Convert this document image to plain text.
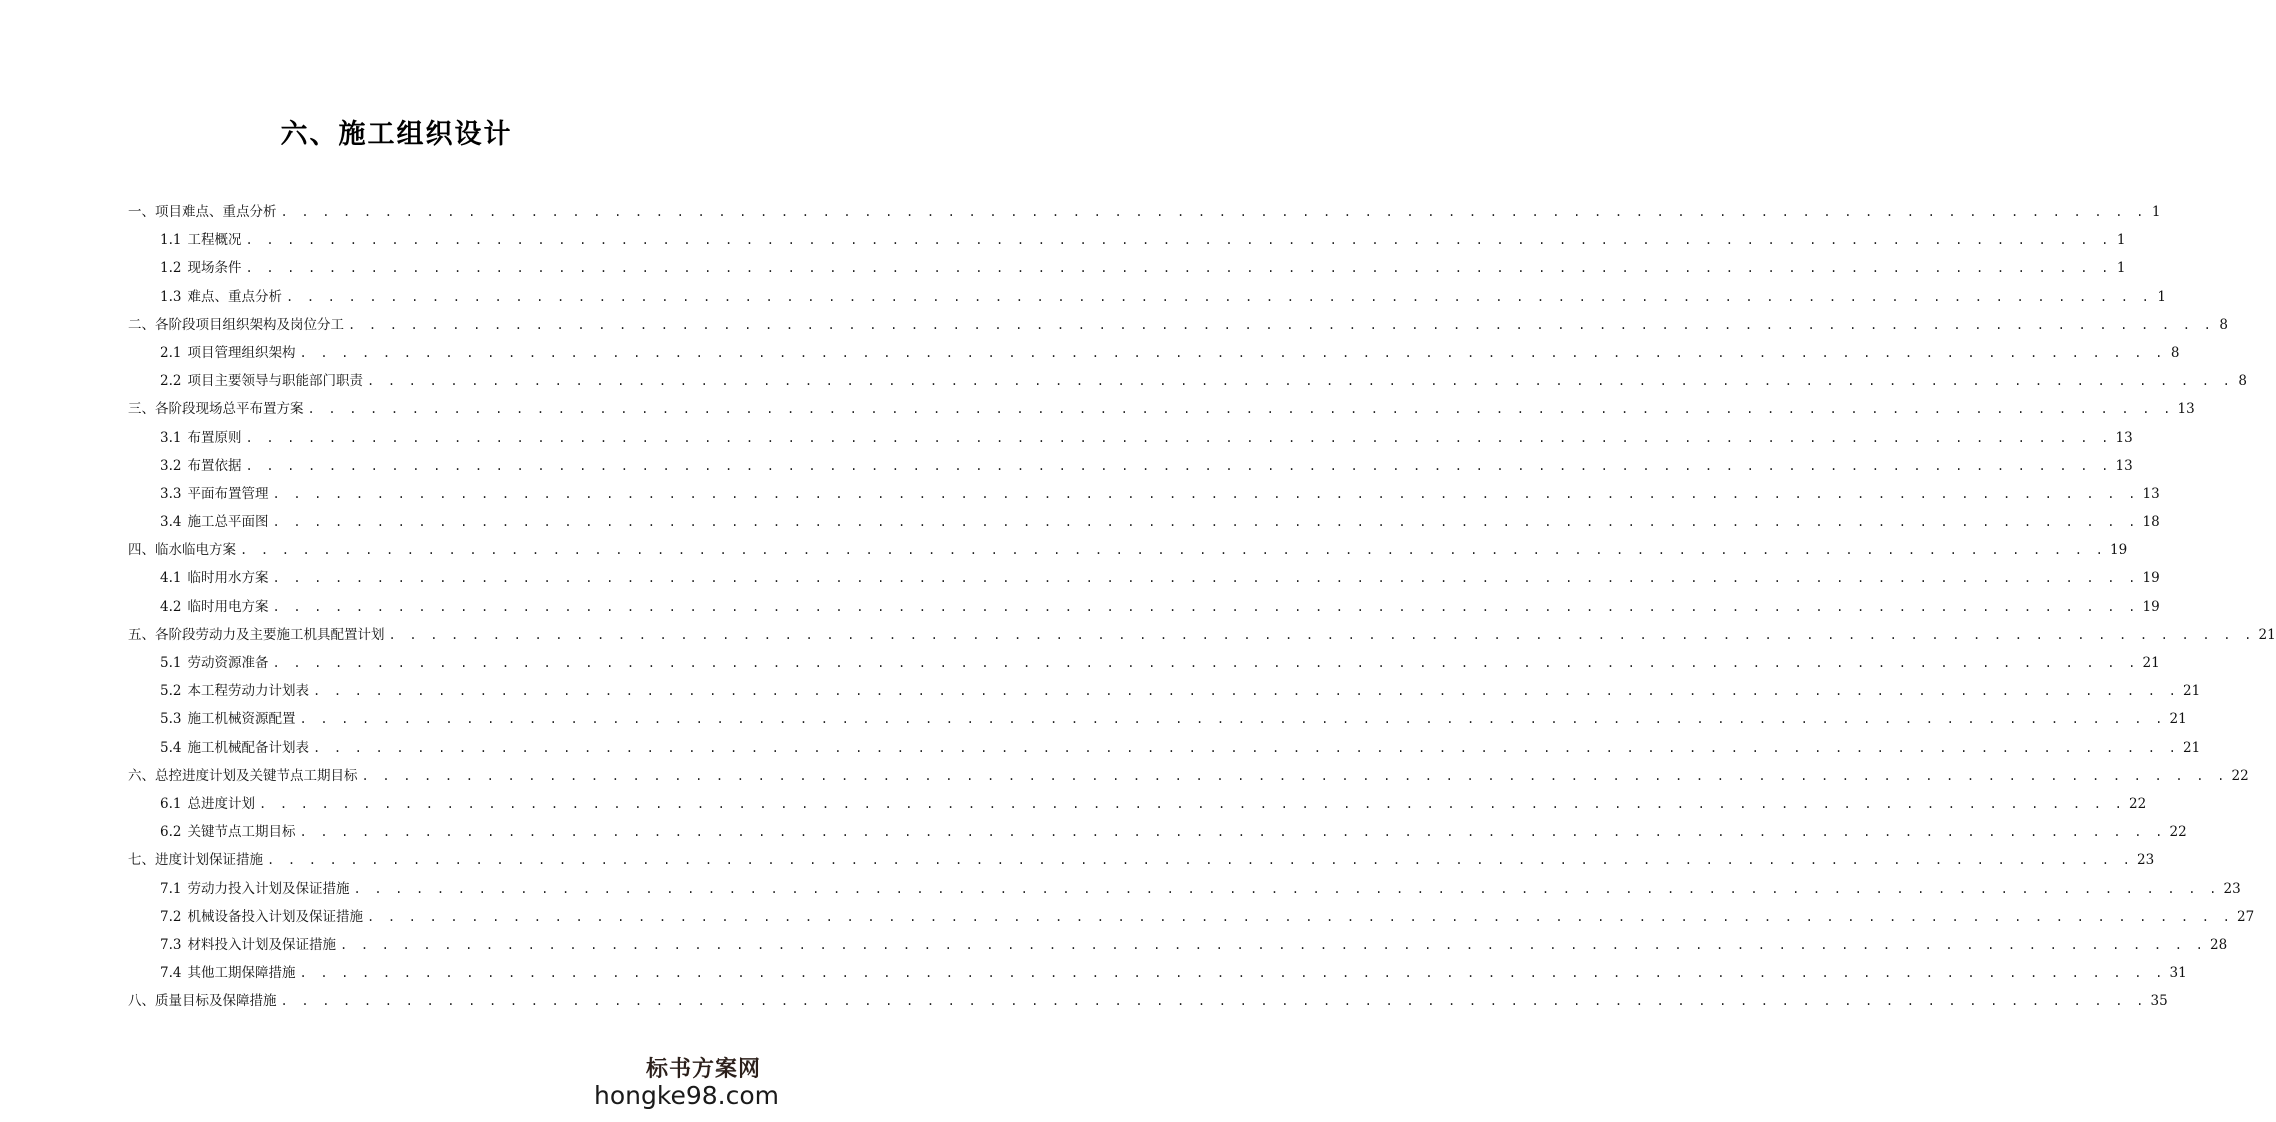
六、施工组织设计
一、项目难点、重点分析 . . . . . . . . . . . . . . . . . . . . . . . . . . . . . . . . . . . . . . . . . . . . . . . . . . . . . . . . . . . . . . . . . . . . . . . . . . . . . . . . . . . . . . . . . . 1
1.1 工程概况 . . . . . . . . . . . . . . . . . . . . . . . . . . . . . . . . . . . . . . . . . . . . . . . . . . . . . . . . . . . . . . . . . . . . . . . . . . . . . . . . . . . . . . . . . . 1
1.2 现场条件 . . . . . . . . . . . . . . . . . . . . . . . . . . . . . . . . . . . . . . . . . . . . . . . . . . . . . . . . . . . . . . . . . . . . . . . . . . . . . . . . . . . . . . . . . . 1
1.3 难点、重点分析 . . . . . . . . . . . . . . . . . . . . . . . . . . . . . . . . . . . . . . . . . . . . . . . . . . . . . . . . . . . . . . . . . . . . . . . . . . . . . . . . . . . . . . . . . . 1
二、各阶段项目组织架构及岗位分工 . . . . . . . . . . . . . . . . . . . . . . . . . . . . . . . . . . . . . . . . . . . . . . . . . . . . . . . . . . . . . . . . . . . . . . . . . . . . . . . . . . . . . . . . . . 8
2.1 项目管理组织架构 . . . . . . . . . . . . . . . . . . . . . . . . . . . . . . . . . . . . . . . . . . . . . . . . . . . . . . . . . . . . . . . . . . . . . . . . . . . . . . . . . . . . . . . . . . 8
2.2 项目主要领导与职能部门职责 . . . . . . . . . . . . . . . . . . . . . . . . . . . . . . . . . . . . . . . . . . . . . . . . . . . . . . . . . . . . . . . . . . . . . . . . . . . . . . . . . . . . . . . . . . 8
三、各阶段现场总平布置方案 . . . . . . . . . . . . . . . . . . . . . . . . . . . . . . . . . . . . . . . . . . . . . . . . . . . . . . . . . . . . . . . . . . . . . . . . . . . . . . . . . . . . . . . . . . 13
3.1 布置原则 . . . . . . . . . . . . . . . . . . . . . . . . . . . . . . . . . . . . . . . . . . . . . . . . . . . . . . . . . . . . . . . . . . . . . . . . . . . . . . . . . . . . . . . . . . 13
3.2 布置依据 . . . . . . . . . . . . . . . . . . . . . . . . . . . . . . . . . . . . . . . . . . . . . . . . . . . . . . . . . . . . . . . . . . . . . . . . . . . . . . . . . . . . . . . . . . 13
3.3 平面布置管理 . . . . . . . . . . . . . . . . . . . . . . . . . . . . . . . . . . . . . . . . . . . . . . . . . . . . . . . . . . . . . . . . . . . . . . . . . . . . . . . . . . . . . . . . . . 13
3.4 施工总平面图 . . . . . . . . . . . . . . . . . . . . . . . . . . . . . . . . . . . . . . . . . . . . . . . . . . . . . . . . . . . . . . . . . . . . . . . . . . . . . . . . . . . . . . . . . . 18
四、临水临电方案 . . . . . . . . . . . . . . . . . . . . . . . . . . . . . . . . . . . . . . . . . . . . . . . . . . . . . . . . . . . . . . . . . . . . . . . . . . . . . . . . . . . . . . . . . . 19
4.1 临时用水方案 . . . . . . . . . . . . . . . . . . . . . . . . . . . . . . . . . . . . . . . . . . . . . . . . . . . . . . . . . . . . . . . . . . . . . . . . . . . . . . . . . . . . . . . . . . 19
4.2 临时用电方案 . . . . . . . . . . . . . . . . . . . . . . . . . . . . . . . . . . . . . . . . . . . . . . . . . . . . . . . . . . . . . . . . . . . . . . . . . . . . . . . . . . . . . . . . . . 19
五、各阶段劳动力及主要施工机具配置计划 . . . . . . . . . . . . . . . . . . . . . . . . . . . . . . . . . . . . . . . . . . . . . . . . . . . . . . . . . . . . . . . . . . . . . . . . . . . . . . . . . . . . . . . . . . 21
5.1 劳动资源准备 . . . . . . . . . . . . . . . . . . . . . . . . . . . . . . . . . . . . . . . . . . . . . . . . . . . . . . . . . . . . . . . . . . . . . . . . . . . . . . . . . . . . . . . . . . 21
5.2 本工程劳动力计划表 . . . . . . . . . . . . . . . . . . . . . . . . . . . . . . . . . . . . . . . . . . . . . . . . . . . . . . . . . . . . . . . . . . . . . . . . . . . . . . . . . . . . . . . . . . 21
5.3 施工机械资源配置 . . . . . . . . . . . . . . . . . . . . . . . . . . . . . . . . . . . . . . . . . . . . . . . . . . . . . . . . . . . . . . . . . . . . . . . . . . . . . . . . . . . . . . . . . . 21
5.4 施工机械配备计划表 . . . . . . . . . . . . . . . . . . . . . . . . . . . . . . . . . . . . . . . . . . . . . . . . . . . . . . . . . . . . . . . . . . . . . . . . . . . . . . . . . . . . . . . . . . 21
六、总控进度计划及关键节点工期目标 . . . . . . . . . . . . . . . . . . . . . . . . . . . . . . . . . . . . . . . . . . . . . . . . . . . . . . . . . . . . . . . . . . . . . . . . . . . . . . . . . . . . . . . . . . 22
6.1 总进度计划 . . . . . . . . . . . . . . . . . . . . . . . . . . . . . . . . . . . . . . . . . . . . . . . . . . . . . . . . . . . . . . . . . . . . . . . . . . . . . . . . . . . . . . . . . . 22
6.2 关键节点工期目标 . . . . . . . . . . . . . . . . . . . . . . . . . . . . . . . . . . . . . . . . . . . . . . . . . . . . . . . . . . . . . . . . . . . . . . . . . . . . . . . . . . . . . . . . . . 22
七、进度计划保证措施 . . . . . . . . . . . . . . . . . . . . . . . . . . . . . . . . . . . . . . . . . . . . . . . . . . . . . . . . . . . . . . . . . . . . . . . . . . . . . . . . . . . . . . . . . . 23
7.1 劳动力投入计划及保证措施 . . . . . . . . . . . . . . . . . . . . . . . . . . . . . . . . . . . . . . . . . . . . . . . . . . . . . . . . . . . . . . . . . . . . . . . . . . . . . . . . . . . . . . . . . . 23
7.2 机械设备投入计划及保证措施 . . . . . . . . . . . . . . . . . . . . . . . . . . . . . . . . . . . . . . . . . . . . . . . . . . . . . . . . . . . . . . . . . . . . . . . . . . . . . . . . . . . . . . . . . . 27
7.3 材料投入计划及保证措施 . . . . . . . . . . . . . . . . . . . . . . . . . . . . . . . . . . . . . . . . . . . . . . . . . . . . . . . . . . . . . . . . . . . . . . . . . . . . . . . . . . . . . . . . . . 28
7.4 其他工期保障措施 . . . . . . . . . . . . . . . . . . . . . . . . . . . . . . . . . . . . . . . . . . . . . . . . . . . . . . . . . . . . . . . . . . . . . . . . . . . . . . . . . . . . . . . . . . 31
八、质量目标及保障措施 . . . . . . . . . . . . . . . . . . . . . . . . . . . . . . . . . . . . . . . . . . . . . . . . . . . . . . . . . . . . . . . . . . . . . . . . . . . . . . . . . . . . . . . . . . 35
标书方案网
hongke98.com
